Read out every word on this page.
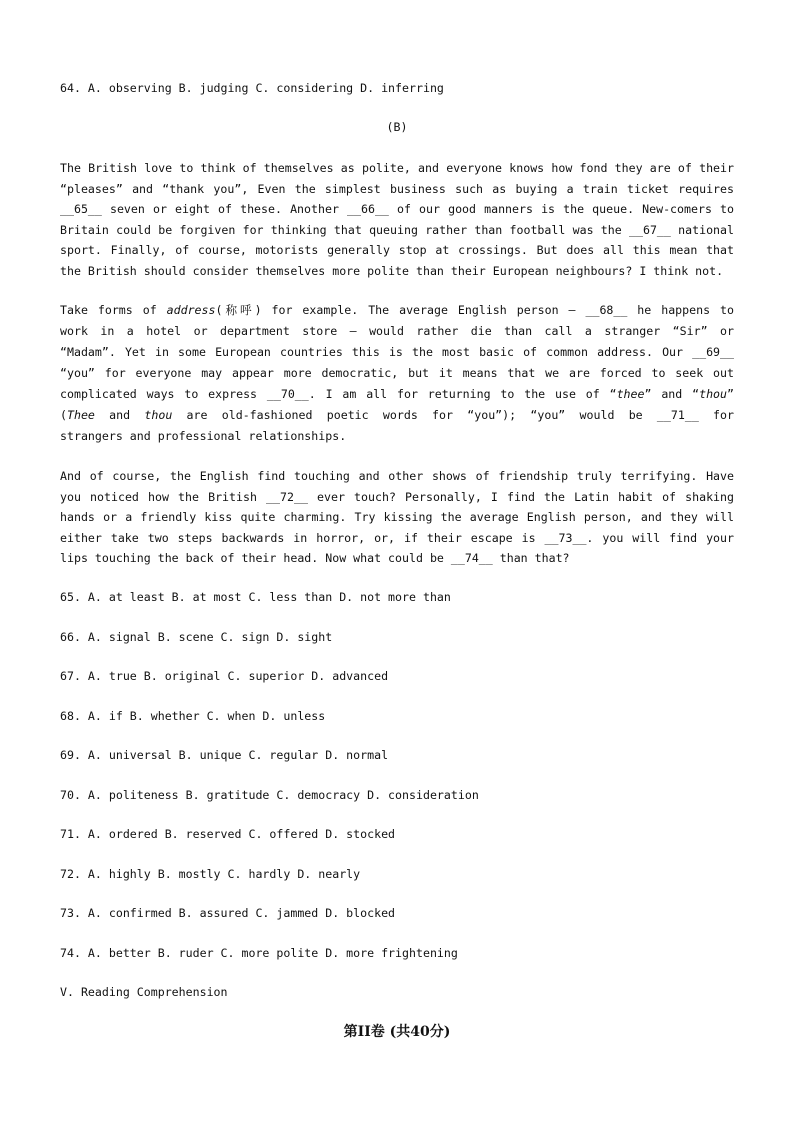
64. A. observing B. judging C. considering D. inferring
(B)
The British love to think of themselves as polite, and everyone knows how fond they are of their
“pleases” and “thank you”, Even the simplest business such as buying a train ticket requires
__65__ seven or eight of these. Another __66__ of our good manners is the queue. New-comers to
Britain could be forgiven for thinking that queuing rather than football was the __67__ national
sport. Finally, of course, motorists generally stop at crossings. But does all this mean that
the British should consider themselves more polite than their European neighbours? I think not.
Take forms of address(称呼) for example. The average English person — __68__ he happens to
work in a hotel or department store — would rather die than call a stranger “Sir” or
“Madam”. Yet in some European countries this is the most basic of common address. Our __69__
“you” for everyone may appear more democratic, but it means that we are forced to seek out
complicated ways to express __70__. I am all for returning to the use of “thee” and “thou”
(Thee and thou are old-fashioned poetic words for “you”); “you” would be __71__ for
strangers and professional relationships.
And of course, the English find touching and other shows of friendship truly terrifying. Have
you noticed how the British __72__ ever touch? Personally, I find the Latin habit of shaking
hands or a friendly kiss quite charming. Try kissing the average English person, and they will
either take two steps backwards in horror, or, if their escape is __73__. you will find your
lips touching the back of their head. Now what could be __74__ than that?
65. A. at least B. at most C. less than D. not more than
66. A. signal B. scene C. sign D. sight
67. A. true B. original C. superior D. advanced
68. A. if B. whether C. when D. unless
69. A. universal B. unique C. regular D. normal
70. A. politeness B. gratitude C. democracy D. consideration
71. A. ordered B. reserved C. offered D. stocked
72. A. highly B. mostly C. hardly D. nearly
73. A. confirmed B. assured C. jammed D. blocked
74. A. better B. ruder C. more polite D. more frightening
V. Reading Comprehension
第II卷 (共40分)
